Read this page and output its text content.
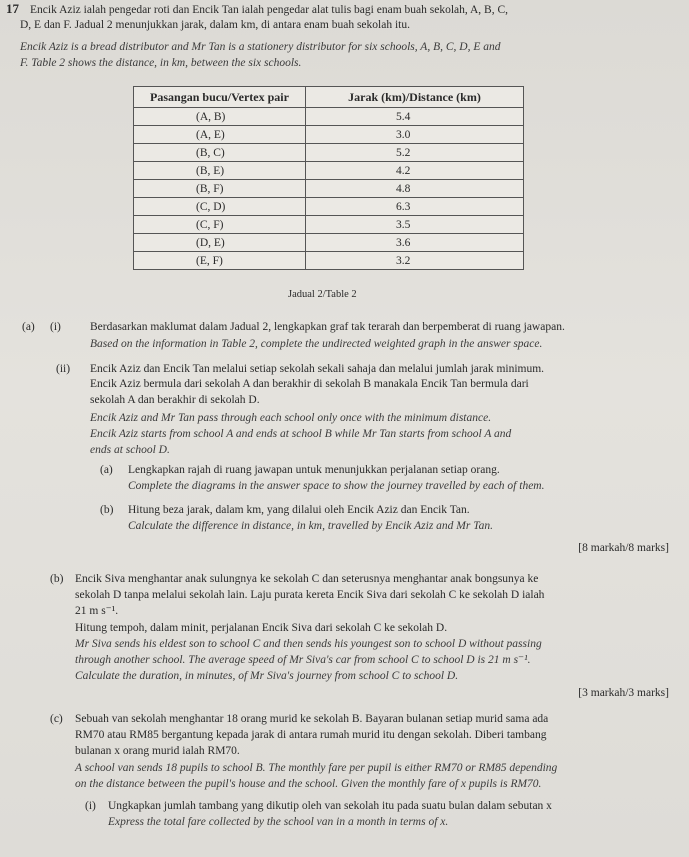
17 Encik Aziz ialah pengedar roti dan Encik Tan ialah pengedar alat tulis bagi enam buah sekolah, A, B, C,
D, E dan F. Jadual 2 menunjukkan jarak, dalam km, di antara enam buah sekolah itu.
Encik Aziz is a bread distributor and Mr Tan is a stationery distributor for six schools, A, B, C, D, E and
F. Table 2 shows the distance, in km, between the six schools.
Pasangan bucu/Vertex pair	Jarak (km)/Distance (km)
(A, B)	5.4
(A, E)	3.0
(B, C)	5.2
(B, E)	4.2
(B, F)	4.8
(C, D)	6.3
(C, F)	3.5
(D, E)	3.6
(E, F)	3.2
Jadual 2/Table 2
(a) (i)	Berdasarkan maklumat dalam Jadual 2, lengkapkan graf tak terarah dan berpemberat di ruang jawapan.
Based on the information in Table 2, complete the undirected weighted graph in the answer space.
(ii) Encik Aziz dan Encik Tan melalui setiap sekolah sekali sahaja dan melalui jumlah jarak minimum.
Encik Aziz bermula dari sekolah A dan berakhir di sekolah B manakala Encik Tan bermula dari
sekolah A dan berakhir di sekolah D.
Encik Aziz and Mr Tan pass through each school only once with the minimum distance.
Encik Aziz starts from school A and ends at school B while Mr Tan starts from school A and
ends at school D.
(a) Lengkapkan rajah di ruang jawapan untuk menunjukkan perjalanan setiap orang.
Complete the diagrams in the answer space to show the journey travelled by each of them.
(b) Hitung beza jarak, dalam km, yang dilalui oleh Encik Aziz dan Encik Tan.
Calculate the difference in distance, in km, travelled by Encik Aziz and Mr Tan.
[8 markah/8 marks]
(b) Encik Siva menghantar anak sulungnya ke sekolah C dan seterusnya menghantar anak bongsunya ke
sekolah D tanpa melalui sekolah lain. Laju purata kereta Encik Siva dari sekolah C ke sekolah D ialah
21 m s⁻¹.
Hitung tempoh, dalam minit, perjalanan Encik Siva dari sekolah C ke sekolah D.
Mr Siva sends his eldest son to school C and then sends his youngest son to school D without passing
through another school. The average speed of Mr Siva's car from school C to school D is 21 m s⁻¹.
Calculate the duration, in minutes, of Mr Siva's journey from school C to school D.
[3 markah/3 marks]
(c) Sebuah van sekolah menghantar 18 orang murid ke sekolah B. Bayaran bulanan setiap murid sama ada
RM70 atau RM85 bergantung kepada jarak di antara rumah murid itu dengan sekolah. Diberi tambang
bulanan x orang murid ialah RM70.
A school van sends 18 pupils to school B. The monthly fare per pupil is either RM70 or RM85 depending
on the distance between the pupil's house and the school. Given the monthly fare of x pupils is RM70.
(i) Ungkapkan jumlah tambang yang dikutip oleh van sekolah itu pada suatu bulan dalam sebutan x
Express the total fare collected by the school van in a month in terms of x.
